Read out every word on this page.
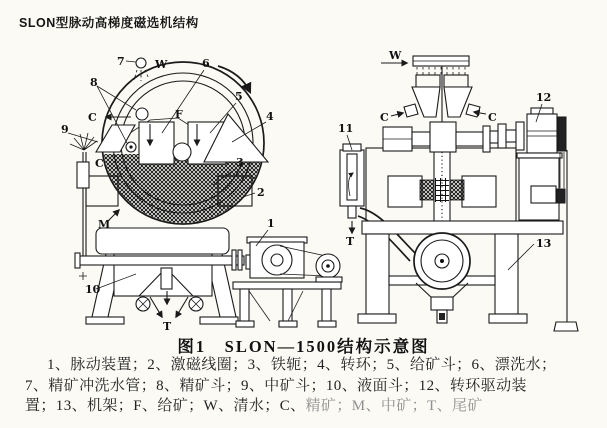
SLON型脉动高梯度磁选机结构
7	W	6
8
C
9
C
F
5
4
3
2
M
10
T
1
W
C	C
11
12
T	13
图1　SLON—1500结构示意图
1、脉动装置；2、激磁线圈；3、铁轭；4、转环；5、给矿斗；6、漂洗水；
7、精矿冲洗水管；8、精矿斗；9、中矿斗；10、液面斗；12、转环驱动装
置；13、机架；F、给矿；W、清水；C、精矿；M、中矿；T、尾矿
